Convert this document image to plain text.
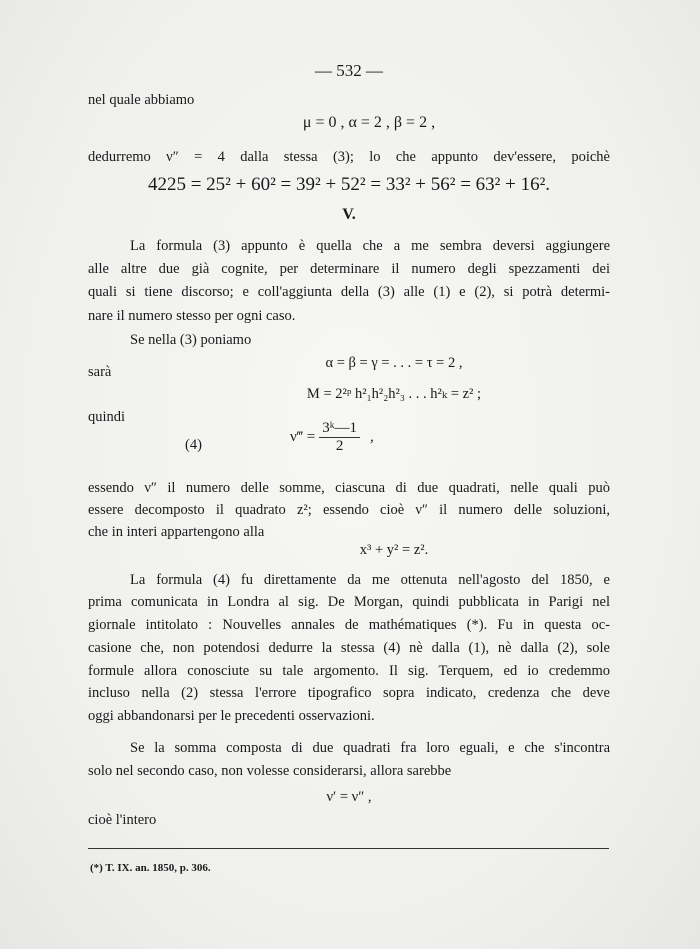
— 532 —
nel quale abbiamo
μ = 0 , α = 2 , β = 2 ,
dedurremo ν″ = 4 dalla stessa (3); lo che appunto dev'essere, poichè
4225 = 25² + 60² = 39² + 52² = 33² + 56² = 63² + 16².
V.
La formula (3) appunto è quella che a me sembra deversi aggiungere
alle altre due già cognite, per determinare il numero degli spezzamenti dei
quali si tiene discorso; e coll'aggiunta della (3) alle (1) e (2), si potrà determi-
nare il numero stesso per ogni caso.
Se nella (3) poniamo
α = β = γ = . . . = τ = 2 ,
sarà
M = 2²ᵖ h²₁h²₂h²₃ . . . h²ₖ = z² ;
quindi
(4)	ν‴ = $\frac{\text{3ᵏ—1}}{2}$ ,
essendo ν″ il numero delle somme, ciascuna di due quadrati, nelle quali può
essere decomposto il quadrato z²; essendo cioè ν″ il numero delle soluzioni,
che in interi appartengono alla
x³ + y² = z².
La formula (4) fu direttamente da me ottenuta nell'agosto del 1850, e
prima comunicata in Londra al sig. De Morgan, quindi pubblicata in Parigi nel
giornale intitolato : Nouvelles annales de mathématiques (*). Fu in questa oc-
casione che, non potendosi dedurre la stessa (4) nè dalla (1), nè dalla (2), sole
formule allora conosciute su tale argomento. Il sig. Terquem, ed io credemmo
incluso nella (2) stessa l'errore tipografico sopra indicato, credenza che deve
oggi abbandonarsi per le precedenti osservazioni.
Se la somma composta di due quadrati fra loro eguali, e che s'incontra
solo nel secondo caso, non volesse considerarsi, allora sarebbe
ν′ = ν″ ,
cioè l'intero
(*) T. IX. an. 1850, p. 306.
